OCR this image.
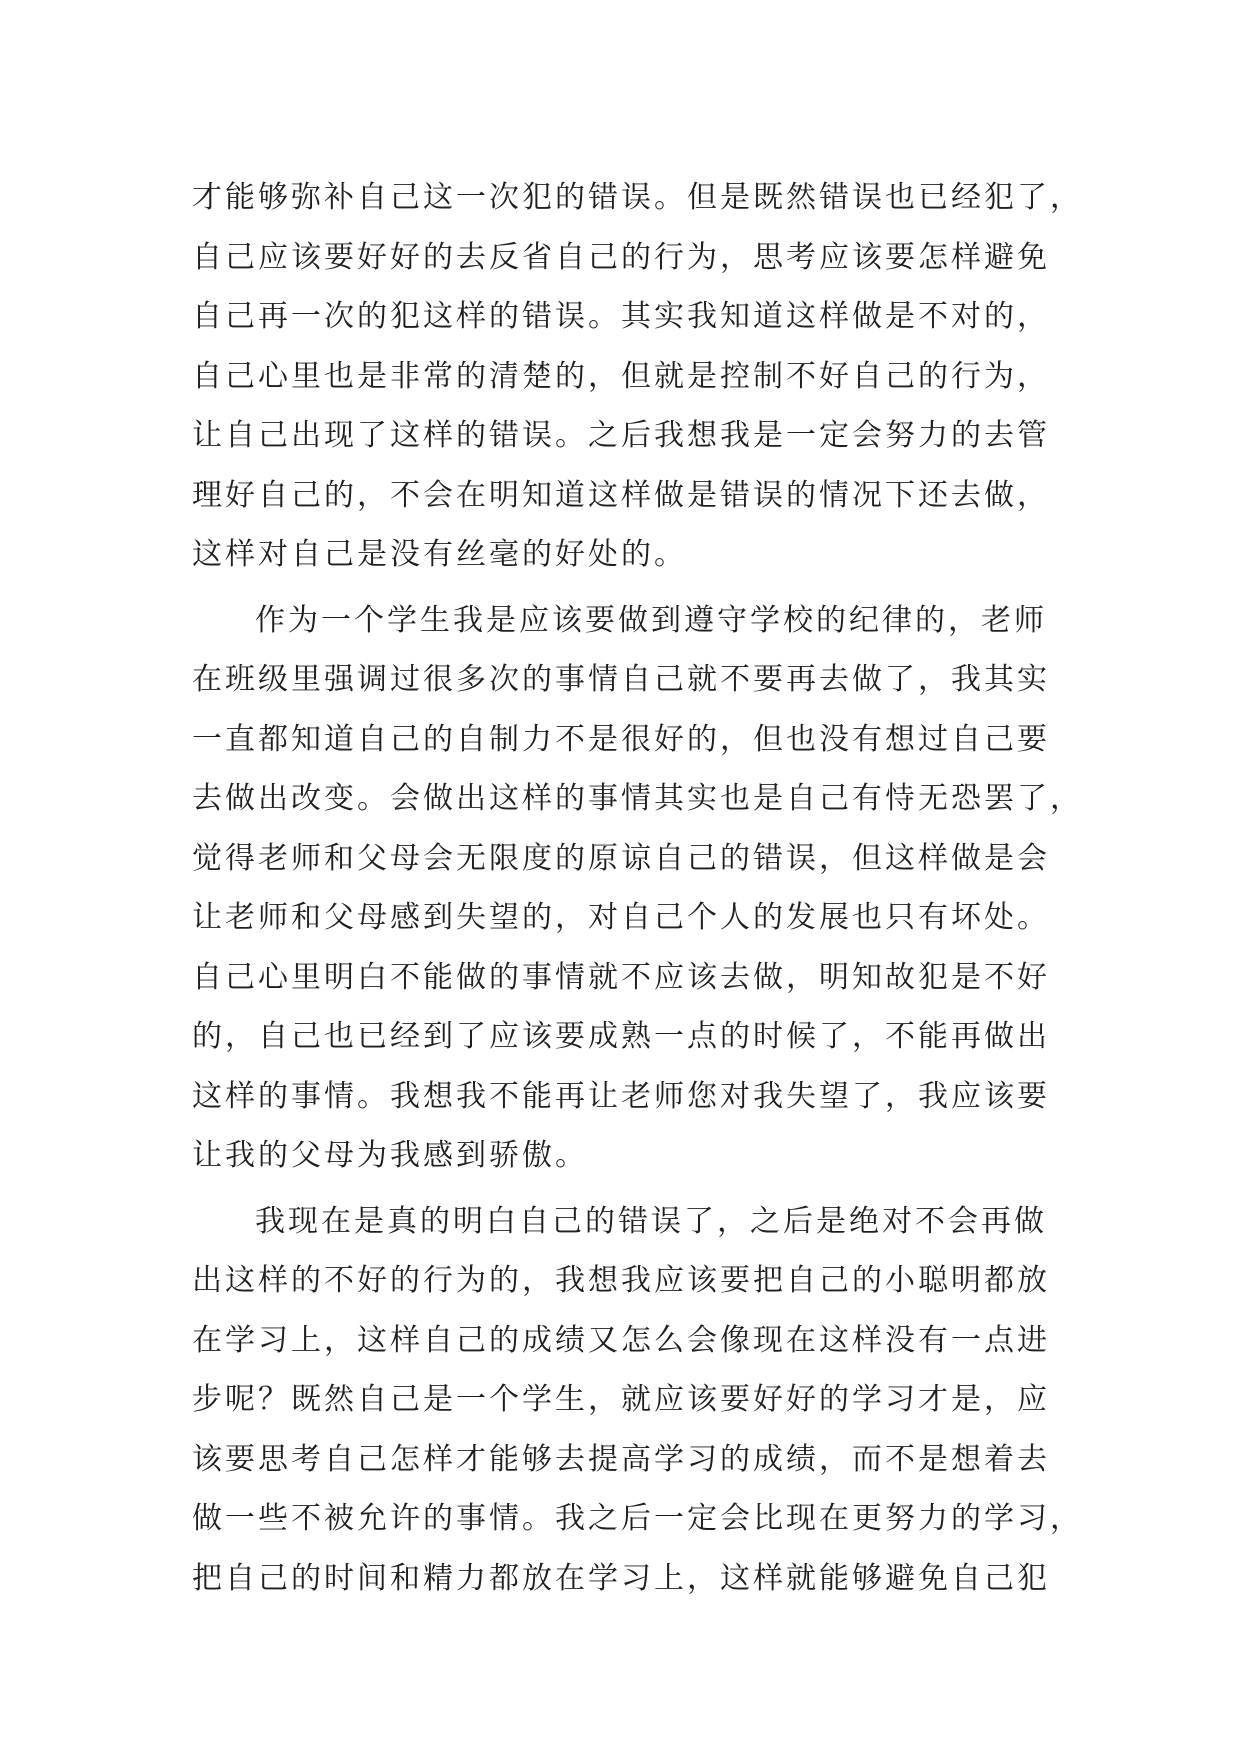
才能够弥补自己这一次犯的错误。但是既然错误也已经犯了，
自己应该要好好的去反省自己的行为，思考应该要怎样避免
自己再一次的犯这样的错误。其实我知道这样做是不对的，
自己心里也是非常的清楚的，但就是控制不好自己的行为，
让自己出现了这样的错误。之后我想我是一定会努力的去管
理好自己的，不会在明知道这样做是错误的情况下还去做，
这样对自己是没有丝毫的好处的。
作为一个学生我是应该要做到遵守学校的纪律的，老师
在班级里强调过很多次的事情自己就不要再去做了，我其实
一直都知道自己的自制力不是很好的，但也没有想过自己要
去做出改变。会做出这样的事情其实也是自己有恃无恐罢了，
觉得老师和父母会无限度的原谅自己的错误，但这样做是会
让老师和父母感到失望的，对自己个人的发展也只有坏处。
自己心里明白不能做的事情就不应该去做，明知故犯是不好
的，自己也已经到了应该要成熟一点的时候了，不能再做出
这样的事情。我想我不能再让老师您对我失望了，我应该要
让我的父母为我感到骄傲。
我现在是真的明白自己的错误了，之后是绝对不会再做
出这样的不好的行为的，我想我应该要把自己的小聪明都放
在学习上，这样自己的成绩又怎么会像现在这样没有一点进
步呢？既然自己是一个学生，就应该要好好的学习才是，应
该要思考自己怎样才能够去提高学习的成绩，而不是想着去
做一些不被允许的事情。我之后一定会比现在更努力的学习，
把自己的时间和精力都放在学习上，这样就能够避免自己犯
